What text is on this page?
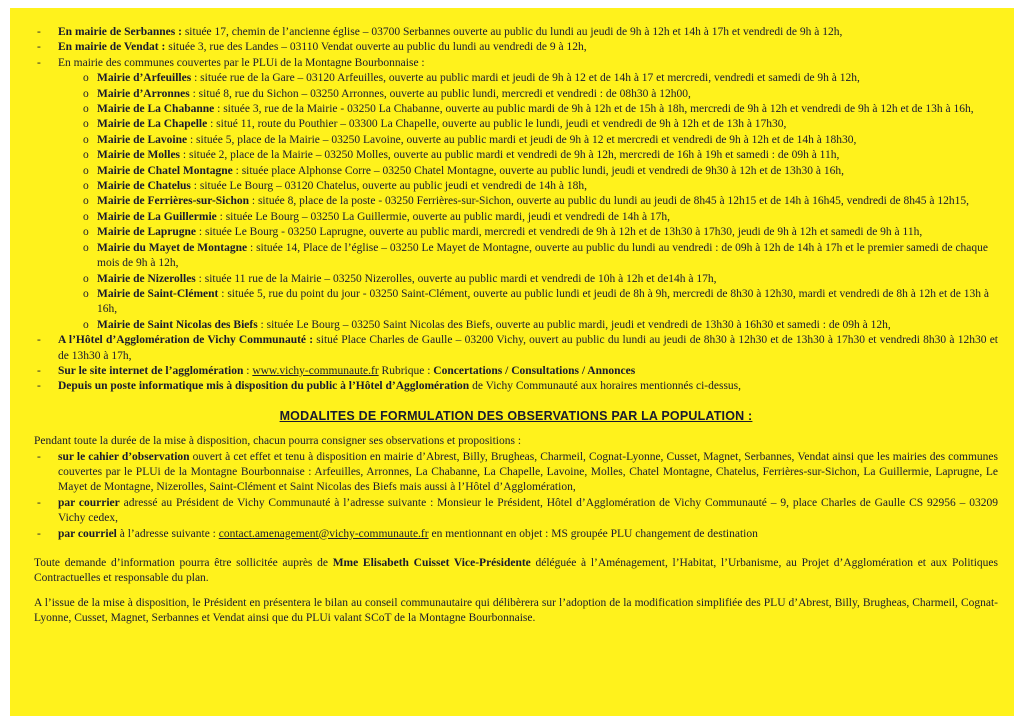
- En mairie de Serbannes : située 17, chemin de l’ancienne église – 03700 Serbannes ouverte au public du lundi au jeudi de 9h à 12h et 14h à 17h et vendredi de 9h à 12h,
- En mairie de Vendat : située 3, rue des Landes – 03110 Vendat ouverte au public du lundi au vendredi de 9 à 12h,
- En mairie des communes couvertes par le PLUi de la Montagne Bourbonnaise :
o Mairie d’Arfeuilles : située rue de la Gare – 03120 Arfeuilles, ouverte au public mardi et jeudi de 9h à 12 et de 14h à 17 et mercredi, vendredi et samedi de 9h à 12h,
o Mairie d’Arronnes : situé 8, rue du Sichon – 03250 Arronnes, ouverte au public lundi, mercredi et vendredi : de 08h30 à 12h00,
o Mairie de La Chabanne : située 3, rue de la Mairie - 03250 La Chabanne, ouverte au public mardi de 9h à 12h et de 15h à 18h, mercredi de 9h à 12h et vendredi de 9h à 12h et de 13h à 16h,
o Mairie de La Chapelle : situé 11, route du Pouthier – 03300 La Chapelle, ouverte au public le lundi, jeudi et vendredi de 9h à 12h et de 13h à 17h30,
o Mairie de Lavoine : située 5, place de la Mairie – 03250 Lavoine, ouverte au public mardi et jeudi de 9h à 12 et mercredi et vendredi de 9h à 12h et de 14h à 18h30,
o Mairie de Molles : située 2, place de la Mairie – 03250 Molles, ouverte au public mardi et vendredi de 9h à 12h, mercredi de 16h à 19h et samedi : de 09h à 11h,
o Mairie de Chatel Montagne : située place Alphonse Corre – 03250 Chatel Montagne, ouverte au public lundi, jeudi et vendredi de 9h30 à 12h et de 13h30 à 16h,
o Mairie de Chatelus : située Le Bourg – 03120 Chatelus, ouverte au public jeudi et vendredi de 14h à 18h,
o Mairie de Ferrières-sur-Sichon : située 8, place de la poste - 03250 Ferrières-sur-Sichon, ouverte au public du lundi au jeudi de 8h45 à 12h15 et de 14h à 16h45, vendredi de 8h45 à 12h15,
o Mairie de La Guillermie : située Le Bourg – 03250 La Guillermie, ouverte au public mardi, jeudi et vendredi de 14h à 17h,
o Mairie de Laprugne : située Le Bourg - 03250 Laprugne, ouverte au public mardi, mercredi et vendredi de 9h à 12h et de 13h30 à 17h30, jeudi de 9h à 12h et samedi de 9h à 11h,
o Mairie du Mayet de Montagne : située 14, Place de l’église – 03250 Le Mayet de Montagne, ouverte au public du lundi au vendredi : de 09h à 12h de 14h à 17h et le premier samedi de chaque mois de 9h à 12h,
o Mairie de Nizerolles : située 11 rue de la Mairie – 03250 Nizerolles, ouverte au public mardi et vendredi de 10h à 12h et de14h à 17h,
o Mairie de Saint-Clément : située 5, rue du point du jour - 03250 Saint-Clément, ouverte au public lundi et jeudi de 8h à 9h, mercredi de 8h30 à 12h30, mardi et vendredi de 8h à 12h et de 13h à 16h,
o Mairie de Saint Nicolas des Biefs : située Le Bourg – 03250 Saint Nicolas des Biefs, ouverte au public mardi, jeudi et vendredi de 13h30 à 16h30 et samedi : de 09h à 12h,
- A l’Hôtel d’Agglomération de Vichy Communauté : situé Place Charles de Gaulle – 03200 Vichy, ouvert au public du lundi au jeudi de 8h30 à 12h30 et de 13h30 à 17h30 et vendredi 8h30 à 12h30 et de 13h30 à 17h,
- Sur le site internet de l’agglomération : www.vichy-communaute.fr Rubrique : Concertations / Consultations / Annonces
- Depuis un poste informatique mis à disposition du public à l’Hôtel d’Agglomération de Vichy Communauté aux horaires mentionnés ci-dessus,
MODALITES DE FORMULATION DES OBSERVATIONS PAR LA POPULATION :
Pendant toute la durée de la mise à disposition, chacun pourra consigner ses observations et propositions :
- sur le cahier d’observation ouvert à cet effet et tenu à disposition en mairie d’Abrest, Billy, Brugheas, Charmeil, Cognat-Lyonne, Cusset, Magnet, Serbannes, Vendat ainsi que les mairies des communes couvertes par le PLUi de la Montagne Bourbonnaise : Arfeuilles, Arronnes, La Chabanne, La Chapelle, Lavoine, Molles, Chatel Montagne, Chatelus, Ferrières-sur-Sichon, La Guillermie, Laprugne, Le Mayet de Montagne, Nizerolles, Saint-Clément et Saint Nicolas des Biefs mais aussi à l’Hôtel d’Agglomération,
- par courrier adressé au Président de Vichy Communauté à l’adresse suivante : Monsieur le Président, Hôtel d’Agglomération de Vichy Communauté – 9, place Charles de Gaulle CS 92956 – 03209 Vichy cedex,
- par courriel à l’adresse suivante : contact.amenagement@vichy-communaute.fr en mentionnant en objet : MS groupée PLU changement de destination
Toute demande d’information pourra être sollicitée auprès de Mme Elisabeth Cuisset Vice-Présidente déléguée à l’Aménagement, l’Habitat, l’Urbanisme, au Projet d’Agglomération et aux Politiques Contractuelles et responsable du plan.
A l’issue de la mise à disposition, le Président en présentera le bilan au conseil communautaire qui délibèrera sur l’adoption de la modification simplifiée des PLU d’Abrest, Billy, Brugheas, Charmeil, Cognat-Lyonne, Cusset, Magnet, Serbannes et Vendat ainsi que du PLUi valant SCoT de la Montagne Bourbonnaise.
